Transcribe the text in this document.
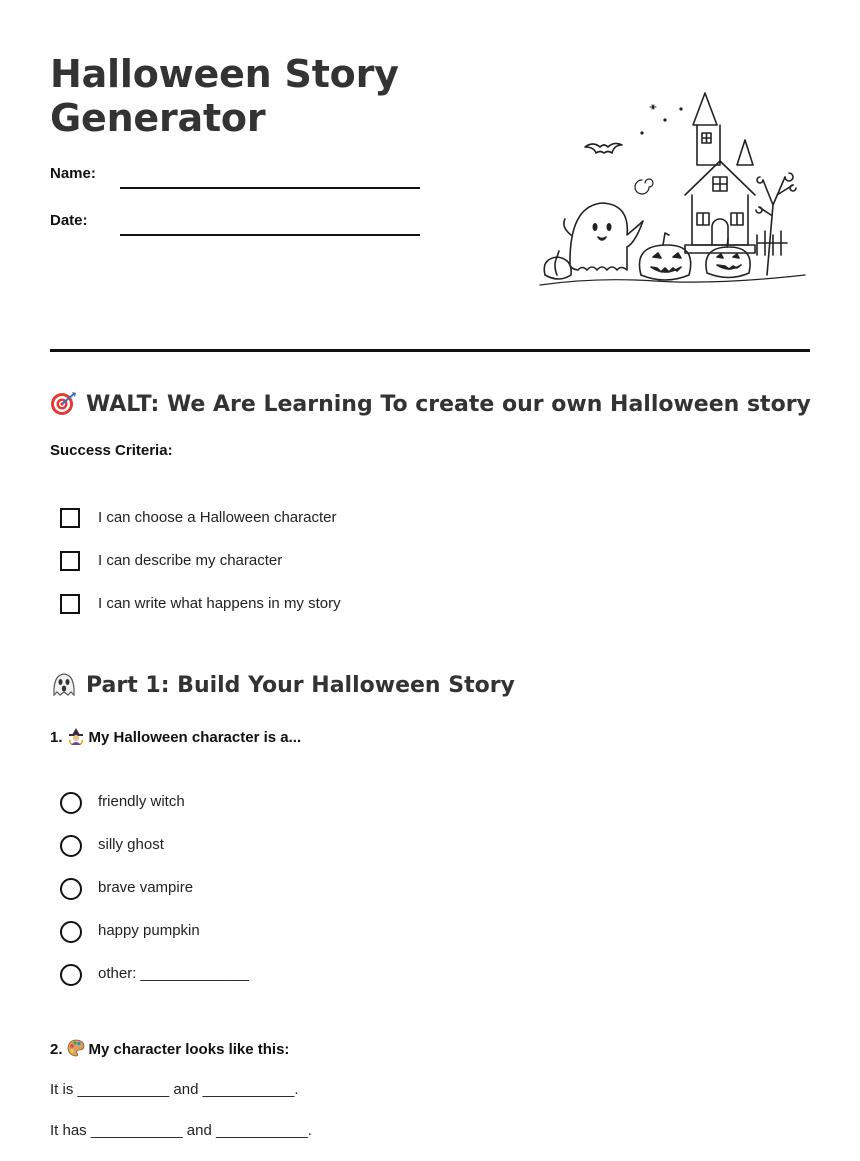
Halloween Story Generator
Name:
Date:
WALT: We Are Learning To create our own Halloween story
Success Criteria:
I can choose a Halloween character
I can describe my character
I can write what happens in my story
Part 1: Build Your Halloween Story
1. My Halloween character is a...
friendly witch
silly ghost
brave vampire
happy pumpkin
other: _____________
2. My character looks like this:
It is ___________ and ___________.
It has ___________ and ___________.
